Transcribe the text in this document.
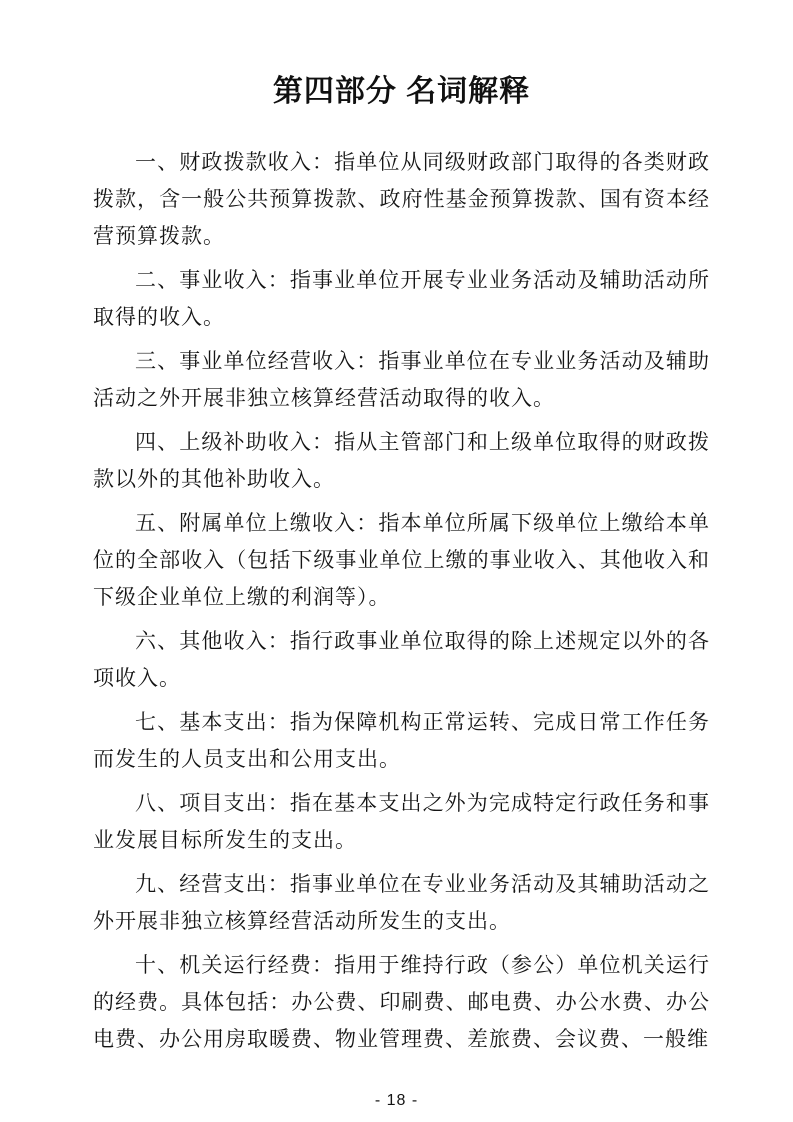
第四部分 名词解释

一、财政拨款收入：指单位从同级财政部门取得的各类财政拨款，含一般公共预算拨款、政府性基金预算拨款、国有资本经营预算拨款。

二、事业收入：指事业单位开展专业业务活动及辅助活动所取得的收入。

三、事业单位经营收入：指事业单位在专业业务活动及辅助活动之外开展非独立核算经营活动取得的收入。

四、上级补助收入：指从主管部门和上级单位取得的财政拨款以外的其他补助收入。

五、附属单位上缴收入：指本单位所属下级单位上缴给本单位的全部收入（包括下级事业单位上缴的事业收入、其他收入和下级企业单位上缴的利润等）。

六、其他收入：指行政事业单位取得的除上述规定以外的各项收入。

七、基本支出：指为保障机构正常运转、完成日常工作任务而发生的人员支出和公用支出。

八、项目支出：指在基本支出之外为完成特定行政任务和事业发展目标所发生的支出。

九、经营支出：指事业单位在专业业务活动及其辅助活动之外开展非独立核算经营活动所发生的支出。

十、机关运行经费：指用于维持行政（参公）单位机关运行的经费。具体包括：办公费、印刷费、邮电费、办公水费、办公电费、办公用房取暖费、物业管理费、差旅费、会议费、一般维

- 18 -
